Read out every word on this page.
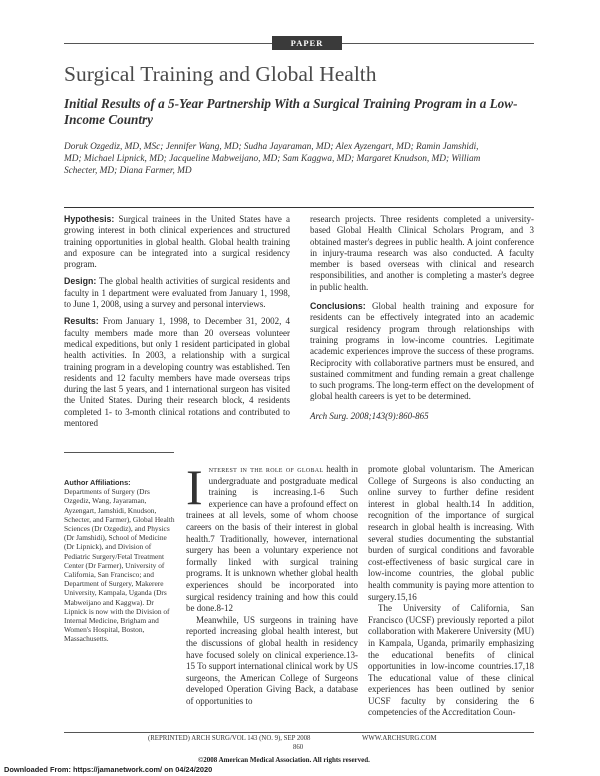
PAPER
Surgical Training and Global Health
Initial Results of a 5-Year Partnership With a Surgical Training Program in a Low-Income Country
Doruk Ozgediz, MD, MSc; Jennifer Wang, MD; Sudha Jayaraman, MD; Alex Ayzengart, MD; Ramin Jamshidi, MD; Michael Lipnick, MD; Jacqueline Mabweijano, MD; Sam Kaggwa, MD; Margaret Knudson, MD; William Schecter, MD; Diana Farmer, MD

Hypothesis: Surgical trainees in the United States have a growing interest in both clinical experiences and structured training opportunities in global health. Global health training and exposure can be integrated into a surgical residency program.

Design: The global health activities of surgical residents and faculty in 1 department were evaluated from January 1, 1998, to June 1, 2008, using a survey and personal interviews.

Results: From January 1, 1998, to December 31, 2002, 4 faculty members made more than 20 overseas volunteer medical expeditions, but only 1 resident participated in global health activities. In 2003, a relationship with a surgical training program in a developing country was established. Ten residents and 12 faculty members have made overseas trips during the last 5 years, and 1 international surgeon has visited the United States. During their research block, 4 residents completed 1- to 3-month clinical rotations and contributed to mentored

research projects. Three residents completed a university-based Global Health Clinical Scholars Program, and 3 obtained master's degrees in public health. A joint conference in injury-trauma research was also conducted. A faculty member is based overseas with clinical and research responsibilities, and another is completing a master's degree in public health.

Conclusions: Global health training and exposure for residents can be effectively integrated into an academic surgical residency program through relationships with training programs in low-income countries. Legitimate academic experiences improve the success of these programs. Reciprocity with collaborative partners must be ensured, and sustained commitment and funding remain a great challenge to such programs. The long-term effect on the development of global health careers is yet to be determined.

Arch Surg. 2008;143(9):860-865

Author Affiliations:
Departments of Surgery (Drs Ozgediz, Wang, Jayaraman, Ayzengart, Jamshidi, Knudson, Schecter, and Farmer), Global Health Sciences (Dr Ozgediz), and Physics (Dr Jamshidi), School of Medicine (Dr Lipnick), and Division of Pediatric Surgery/Fetal Treatment Center (Dr Farmer), University of California, San Francisco; and Department of Surgery, Makerere University, Kampala, Uganda (Drs Mabweijano and Kaggwa). Dr Lipnick is now with the Division of Internal Medicine, Brigham and Women's Hospital, Boston, Massachusetts.
Interest in the role of global health in undergraduate and postgraduate medical training is increasing.1-6 Such experience can have a profound effect on trainees at all levels, some of whom choose careers on the basis of their interest in global health.7 Traditionally, however, international surgery has been a voluntary experience not formally linked with surgical training programs. It is unknown whether global health experiences should be incorporated into surgical residency training and how this could be done.8-12
Meanwhile, US surgeons in training have reported increasing global health interest, but the discussions of global health in residency have focused solely on clinical experience.13-15 To support international clinical work by US surgeons, the American College of Surgeons developed Operation Giving Back, a database of opportunities to
promote global voluntarism. The American College of Surgeons is also conducting an online survey to further define resident interest in global health.14 In addition, recognition of the importance of surgical research in global health is increasing. With several studies documenting the substantial burden of surgical conditions and favorable cost-effectiveness of basic surgical care in low-income countries, the global public health community is paying more attention to surgery.15,16
The University of California, San Francisco (UCSF) previously reported a pilot collaboration with Makerere University (MU) in Kampala, Uganda, primarily emphasizing the educational benefits of clinical opportunities in low-income countries.17,18 The educational value of these clinical experiences has been outlined by senior UCSF faculty by considering the 6 competencies of the Accreditation Coun-
(REPRINTED) ARCH SURG/VOL 143 (NO. 9), SEP 2008	WWW.ARCHSURG.COM
860
©2008 American Medical Association. All rights reserved.
Downloaded From: https://jamanetwork.com/ on 04/24/2020
